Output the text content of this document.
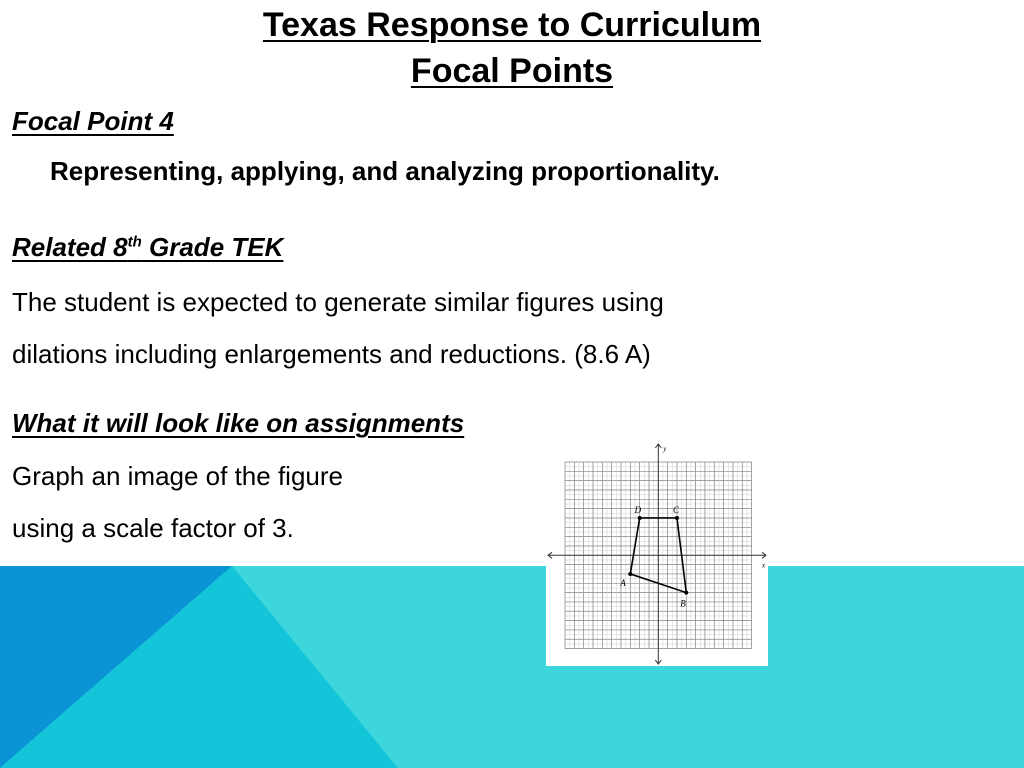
Texas Response to Curriculum
Focal Points
Focal Point 4
Representing, applying, and analyzing proportionality.
Related 8th Grade TEK
The student is expected to generate similar figures using
dilations including enlargements and reductions. (8.6 A)
What it will look like on assignments
Graph an image of the figure
using a scale factor of 3.
y
x
A
B
C
D
